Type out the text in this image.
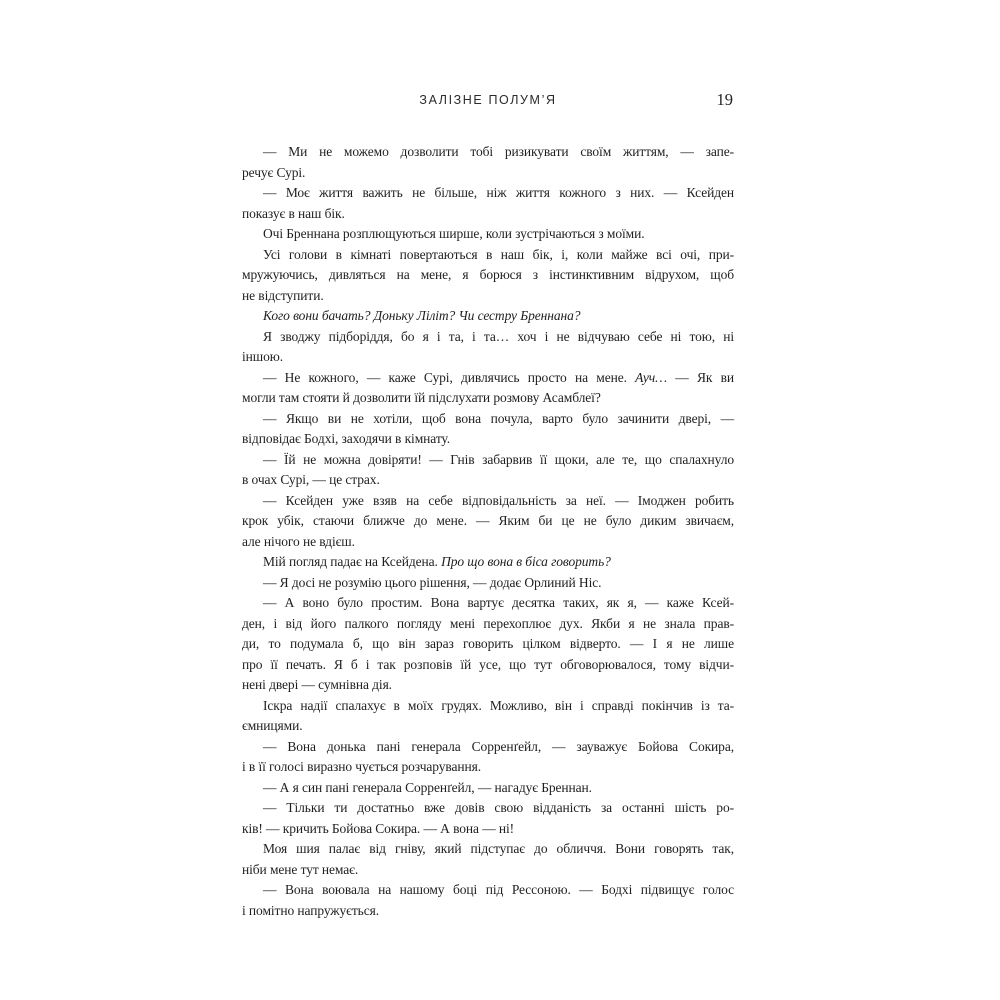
ЗАЛІЗНЕ ПОЛУМ’Я	19
— Ми не можемо дозволити тобі ризикувати своїм життям, — запе-
речує Сурі.
— Моє життя важить не більше, ніж життя кожного з них. — Ксейден
показує в наш бік.
Очі Бреннана розплющуються ширше, коли зустрічаються з моїми.
Усі голови в кімнаті повертаються в наш бік, і, коли майже всі очі, при-
мружуючись, дивляться на мене, я борюся з інстинктивним відрухом, щоб
не відступити.
Кого вони бачать? Доньку Ліліт? Чи сестру Бреннана?
Я зводжу підборіддя, бо я і та, і та… хоч і не відчуваю себе ні тою, ні
іншою.
— Не кожного, — каже Сурі, дивлячись просто на мене. Ауч… — Як ви
могли там стояти й дозволити їй підслухати розмову Асамблеї?
— Якщо ви не хотіли, щоб вона почула, варто було зачинити двері, —
відповідає Бодхі, заходячи в кімнату.
— Їй не можна довіряти! — Гнів забарвив її щоки, але те, що спалахнуло
в очах Сурі, — це страх.
— Ксейден уже взяв на себе відповідальність за неї. — Імоджен робить
крок убік, стаючи ближче до мене. — Яким би це не було диким звичаєм,
але нічого не вдієш.
Мій погляд падає на Ксейдена. Про що вона в біса говорить?
— Я досі не розумію цього рішення, — додає Орлиний Ніс.
— А воно було простим. Вона вартує десятка таких, як я, — каже Ксей-
ден, і від його палкого погляду мені перехоплює дух. Якби я не знала прав-
ди, то подумала б, що він зараз говорить цілком відверто. — І я не лише
про її печать. Я б і так розповів їй усе, що тут обговорювалося, тому відчи-
нені двері — сумнівна дія.
Іскра надії спалахує в моїх грудях. Можливо, він і справді покінчив із та-
ємницями.
— Вона донька пані генерала Сорренґейл, — зауважує Бойова Сокира,
і в її голосі виразно чується розчарування.
— А я син пані генерала Сорренґейл, — нагадує Бреннан.
— Тільки ти достатньо вже довів свою відданість за останні шість ро-
ків! — кричить Бойова Сокира. — А вона — ні!
Моя шия палає від гніву, який підступає до обличчя. Вони говорять так,
ніби мене тут немає.
— Вона воювала на нашому боці під Рессоною. — Бодхі підвищує голос
і помітно напружується.
